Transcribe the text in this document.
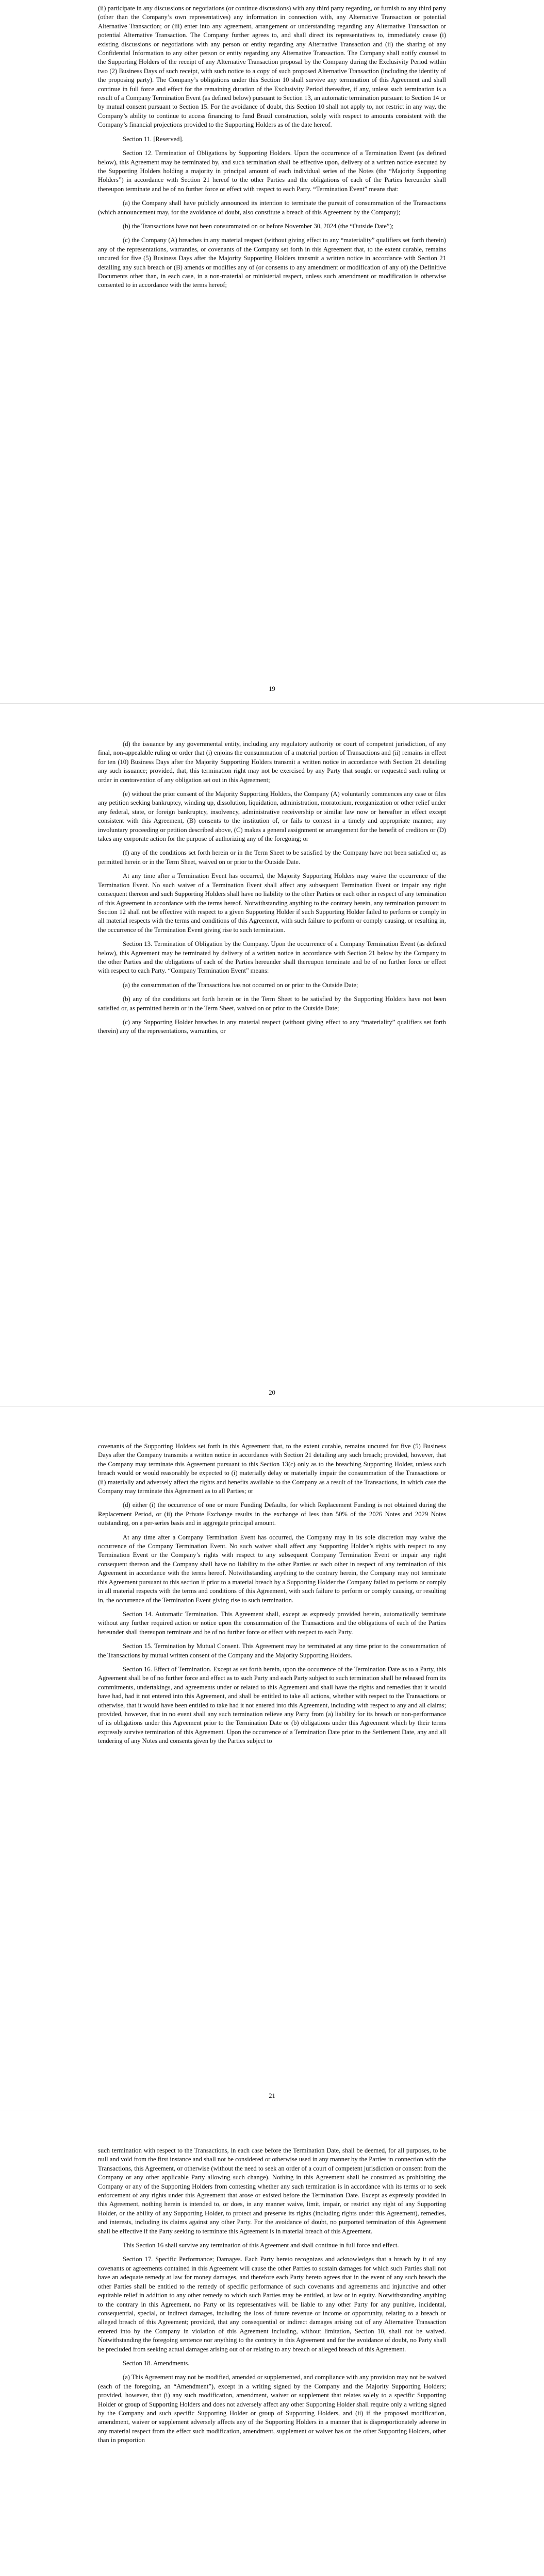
(ii) participate in any discussions or negotiations (or continue discussions) with any third party regarding, or furnish to any third party (other than the Company’s own representatives) any information in connection with, any Alternative Transaction or potential Alternative Transaction; or (iii) enter into any agreement, arrangement or understanding regarding any Alternative Transaction or potential Alternative Transaction. The Company further agrees to, and shall direct its representatives to, immediately cease (i) existing discussions or negotiations with any person or entity regarding any Alternative Transaction and (ii) the sharing of any Confidential Information to any other person or entity regarding any Alternative Transaction. The Company shall notify counsel to the Supporting Holders of the receipt of any Alternative Transaction proposal by the Company during the Exclusivity Period within two (2) Business Days of such receipt, with such notice to a copy of such proposed Alternative Transaction (including the identity of the proposing party). The Company’s obligations under this Section 10 shall survive any termination of this Agreement and shall continue in full force and effect for the remaining duration of the Exclusivity Period thereafter, if any, unless such termination is a result of a Company Termination Event (as defined below) pursuant to Section 13, an automatic termination pursuant to Section 14 or by mutual consent pursuant to Section 15. For the avoidance of doubt, this Section 10 shall not apply to, nor restrict in any way, the Company’s ability to continue to access financing to fund Brazil construction, solely with respect to amounts consistent with the Company’s financial projections provided to the Supporting Holders as of the date hereof.

Section 11. [Reserved].

Section 12. Termination of Obligations by Supporting Holders. Upon the occurrence of a Termination Event (as defined below), this Agreement may be terminated by, and such termination shall be effective upon, delivery of a written notice executed by the Supporting Holders holding a majority in principal amount of each individual series of the Notes (the “Majority Supporting Holders”) in accordance with Section 21 hereof to the other Parties and the obligations of each of the Parties hereunder shall thereupon terminate and be of no further force or effect with respect to each Party. “Termination Event” means that:

(a) the Company shall have publicly announced its intention to terminate the pursuit of consummation of the Transactions (which announcement may, for the avoidance of doubt, also constitute a breach of this Agreement by the Company);

(b) the Transactions have not been consummated on or before November 30, 2024 (the “Outside Date”);

(c) the Company (A) breaches in any material respect (without giving effect to any “materiality” qualifiers set forth therein) any of the representations, warranties, or covenants of the Company set forth in this Agreement that, to the extent curable, remains uncured for five (5) Business Days after the Majority Supporting Holders transmit a written notice in accordance with Section 21 detailing any such breach or (B) amends or modifies any of (or consents to any amendment or modification of any of) the Definitive Documents other than, in each case, in a non-material or ministerial respect, unless such amendment or modification is otherwise consented to in accordance with the terms hereof;

19

(d) the issuance by any governmental entity, including any regulatory authority or court of competent jurisdiction, of any final, non-appealable ruling or order that (i) enjoins the consummation of a material portion of Transactions and (ii) remains in effect for ten (10) Business Days after the Majority Supporting Holders transmit a written notice in accordance with Section 21 detailing any such issuance; provided, that, this termination right may not be exercised by any Party that sought or requested such ruling or order in contravention of any obligation set out in this Agreement;

(e) without the prior consent of the Majority Supporting Holders, the Company (A) voluntarily commences any case or files any petition seeking bankruptcy, winding up, dissolution, liquidation, administration, moratorium, reorganization or other relief under any federal, state, or foreign bankruptcy, insolvency, administrative receivership or similar law now or hereafter in effect except consistent with this Agreement, (B) consents to the institution of, or fails to contest in a timely and appropriate manner, any involuntary proceeding or petition described above, (C) makes a general assignment or arrangement for the benefit of creditors or (D) takes any corporate action for the purpose of authorizing any of the foregoing; or

(f) any of the conditions set forth herein or in the Term Sheet to be satisfied by the Company have not been satisfied or, as permitted herein or in the Term Sheet, waived on or prior to the Outside Date.

At any time after a Termination Event has occurred, the Majority Supporting Holders may waive the occurrence of the Termination Event. No such waiver of a Termination Event shall affect any subsequent Termination Event or impair any right consequent thereon and such Supporting Holders shall have no liability to the other Parties or each other in respect of any termination of this Agreement in accordance with the terms hereof. Notwithstanding anything to the contrary herein, any termination pursuant to Section 12 shall not be effective with respect to a given Supporting Holder if such Supporting Holder failed to perform or comply in all material respects with the terms and conditions of this Agreement, with such failure to perform or comply causing, or resulting in, the occurrence of the Termination Event giving rise to such termination.

Section 13. Termination of Obligation by the Company. Upon the occurrence of a Company Termination Event (as defined below), this Agreement may be terminated by delivery of a written notice in accordance with Section 21 below by the Company to the other Parties and the obligations of each of the Parties hereunder shall thereupon terminate and be of no further force or effect with respect to each Party. “Company Termination Event” means:

(a) the consummation of the Transactions has not occurred on or prior to the Outside Date;

(b) any of the conditions set forth herein or in the Term Sheet to be satisfied by the Supporting Holders have not been satisfied or, as permitted herein or in the Term Sheet, waived on or prior to the Outside Date;

(c) any Supporting Holder breaches in any material respect (without giving effect to any “materiality” qualifiers set forth therein) any of the representations, warranties, or

20

covenants of the Supporting Holders set forth in this Agreement that, to the extent curable, remains uncured for five (5) Business Days after the Company transmits a written notice in accordance with Section 21 detailing any such breach; provided, however, that the Company may terminate this Agreement pursuant to this Section 13(c) only as to the breaching Supporting Holder, unless such breach would or would reasonably be expected to (i) materially delay or materially impair the consummation of the Transactions or (ii) materially and adversely affect the rights and benefits available to the Company as a result of the Transactions, in which case the Company may terminate this Agreement as to all Parties; or

(d) either (i) the occurrence of one or more Funding Defaults, for which Replacement Funding is not obtained during the Replacement Period, or (ii) the Private Exchange results in the exchange of less than 50% of the 2026 Notes and 2029 Notes outstanding, on a per-series basis and in aggregate principal amount.

At any time after a Company Termination Event has occurred, the Company may in its sole discretion may waive the occurrence of the Company Termination Event. No such waiver shall affect any Supporting Holder’s rights with respect to any Termination Event or the Company’s rights with respect to any subsequent Company Termination Event or impair any right consequent thereon and the Company shall have no liability to the other Parties or each other in respect of any termination of this Agreement in accordance with the terms hereof. Notwithstanding anything to the contrary herein, the Company may not terminate this Agreement pursuant to this section if prior to a material breach by a Supporting Holder the Company failed to perform or comply in all material respects with the terms and conditions of this Agreement, with such failure to perform or comply causing, or resulting in, the occurrence of the Termination Event giving rise to such termination.

Section 14. Automatic Termination. This Agreement shall, except as expressly provided herein, automatically terminate without any further required action or notice upon the consummation of the Transactions and the obligations of each of the Parties hereunder shall thereupon terminate and be of no further force or effect with respect to each Party.

Section 15. Termination by Mutual Consent. This Agreement may be terminated at any time prior to the consummation of the Transactions by mutual written consent of the Company and the Majority Supporting Holders.

Section 16. Effect of Termination. Except as set forth herein, upon the occurrence of the Termination Date as to a Party, this Agreement shall be of no further force and effect as to such Party and each Party subject to such termination shall be released from its commitments, undertakings, and agreements under or related to this Agreement and shall have the rights and remedies that it would have had, had it not entered into this Agreement, and shall be entitled to take all actions, whether with respect to the Transactions or otherwise, that it would have been entitled to take had it not entered into this Agreement, including with respect to any and all claims; provided, however, that in no event shall any such termination relieve any Party from (a) liability for its breach or non-performance of its obligations under this Agreement prior to the Termination Date or (b) obligations under this Agreement which by their terms expressly survive termination of this Agreement. Upon the occurrence of a Termination Date prior to the Settlement Date, any and all tendering of any Notes and consents given by the Parties subject to

21

such termination with respect to the Transactions, in each case before the Termination Date, shall be deemed, for all purposes, to be null and void from the first instance and shall not be considered or otherwise used in any manner by the Parties in connection with the Transactions, this Agreement, or otherwise (without the need to seek an order of a court of competent jurisdiction or consent from the Company or any other applicable Party allowing such change). Nothing in this Agreement shall be construed as prohibiting the Company or any of the Supporting Holders from contesting whether any such termination is in accordance with its terms or to seek enforcement of any rights under this Agreement that arose or existed before the Termination Date. Except as expressly provided in this Agreement, nothing herein is intended to, or does, in any manner waive, limit, impair, or restrict any right of any Supporting Holder, or the ability of any Supporting Holder, to protect and preserve its rights (including rights under this Agreement), remedies, and interests, including its claims against any other Party. For the avoidance of doubt, no purported termination of this Agreement shall be effective if the Party seeking to terminate this Agreement is in material breach of this Agreement.

This Section 16 shall survive any termination of this Agreement and shall continue in full force and effect.

Section 17. Specific Performance; Damages. Each Party hereto recognizes and acknowledges that a breach by it of any covenants or agreements contained in this Agreement will cause the other Parties to sustain damages for which such Parties shall not have an adequate remedy at law for money damages, and therefore each Party hereto agrees that in the event of any such breach the other Parties shall be entitled to the remedy of specific performance of such covenants and agreements and injunctive and other equitable relief in addition to any other remedy to which such Parties may be entitled, at law or in equity. Notwithstanding anything to the contrary in this Agreement, no Party or its representatives will be liable to any other Party for any punitive, incidental, consequential, special, or indirect damages, including the loss of future revenue or income or opportunity, relating to a breach or alleged breach of this Agreement; provided, that any consequential or indirect damages arising out of any Alternative Transaction entered into by the Company in violation of this Agreement including, without limitation, Section 10, shall not be waived. Notwithstanding the foregoing sentence nor anything to the contrary in this Agreement and for the avoidance of doubt, no Party shall be precluded from seeking actual damages arising out of or relating to any breach or alleged breach of this Agreement.

Section 18. Amendments.

(a) This Agreement may not be modified, amended or supplemented, and compliance with any provision may not be waived (each of the foregoing, an “Amendment”), except in a writing signed by the Company and the Majority Supporting Holders; provided, however, that (i) any such modification, amendment, waiver or supplement that relates solely to a specific Supporting Holder or group of Supporting Holders and does not adversely affect any other Supporting Holder shall require only a writing signed by the Company and such specific Supporting Holder or group of Supporting Holders, and (ii) if the proposed modification, amendment, waiver or supplement adversely affects any of the Supporting Holders in a manner that is disproportionately adverse in any material respect from the effect such modification, amendment, supplement or waiver has on the other Supporting Holders, other than in proportion
